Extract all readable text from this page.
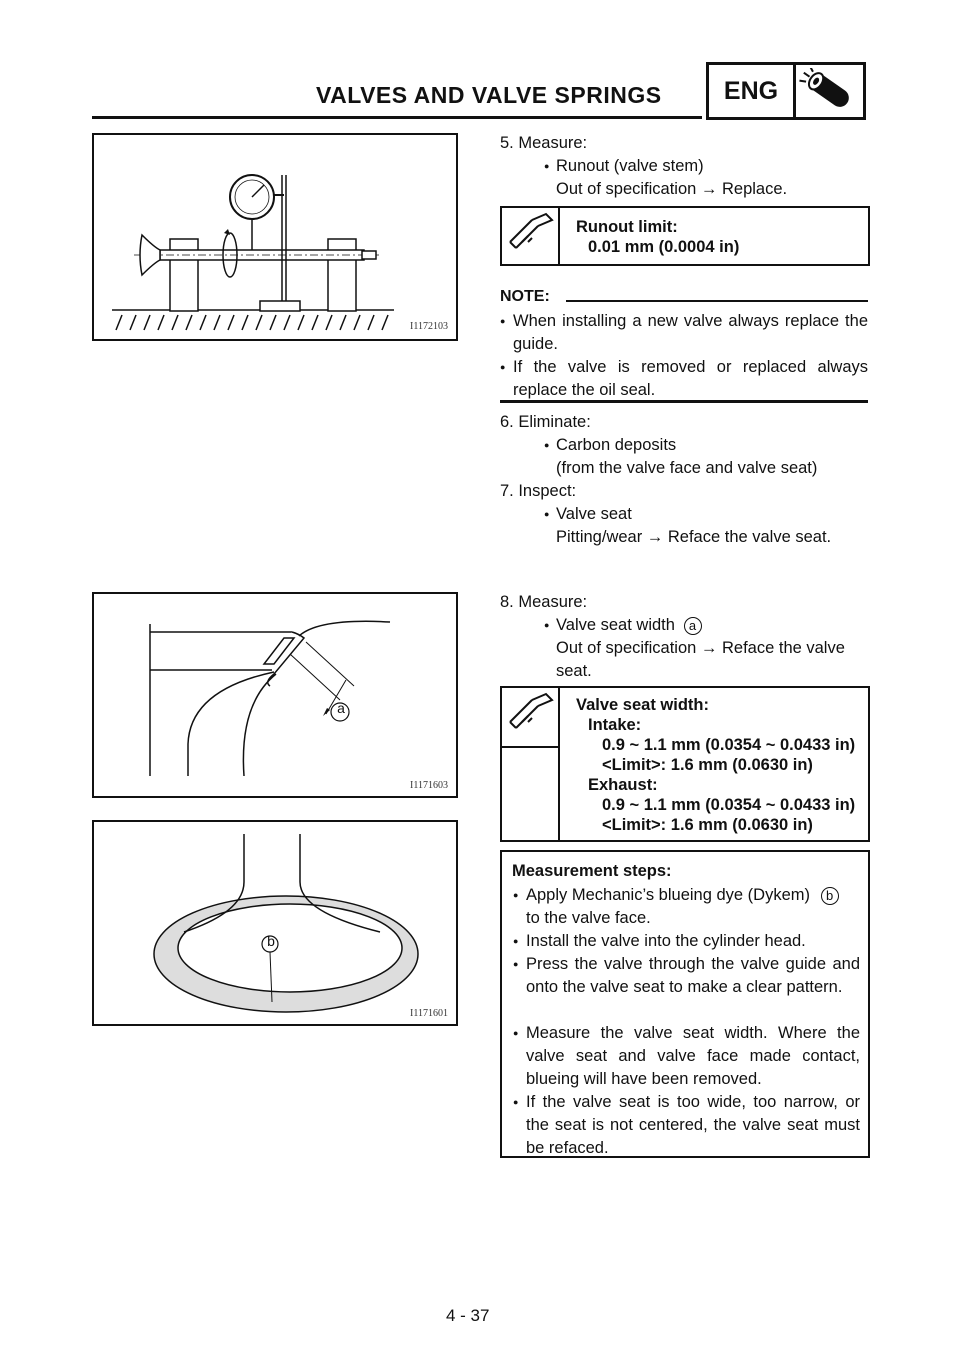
VALVES AND VALVE SPRINGS	ENG
I1172103
a
I1171603
b
I1171601
5. Measure:
● Runout (valve stem)
Out of specification → Replace.
Runout limit:
0.01 mm (0.0004 in)
NOTE:
● When installing a new valve always replace the guide.
● If the valve is removed or replaced always replace the oil seal.
6. Eliminate:
● Carbon deposits
(from the valve face and valve seat)
7. Inspect:
● Valve seat
Pitting/wear → Reface the valve seat.
8. Measure:
● Valve seat width a
Out of specification → Reface the valve
seat.
Valve seat width:
Intake:
0.9 ~ 1.1 mm (0.0354 ~ 0.0433 in)
<Limit>: 1.6 mm (0.0630 in)
Exhaust:
0.9 ~ 1.1 mm (0.0354 ~ 0.0433 in)
<Limit>: 1.6 mm (0.0630 in)
Measurement steps:
● Apply Mechanic’s blueing dye (Dykem) b
to the valve face.
● Install the valve into the cylinder head.
● Press the valve through the valve guide and onto the valve seat to make a clear pattern.
● Measure the valve seat width. Where the valve seat and valve face made contact, blueing will have been removed.
● If the valve seat is too wide, too narrow, or the seat is not centered, the valve seat must be refaced.
4 - 37
